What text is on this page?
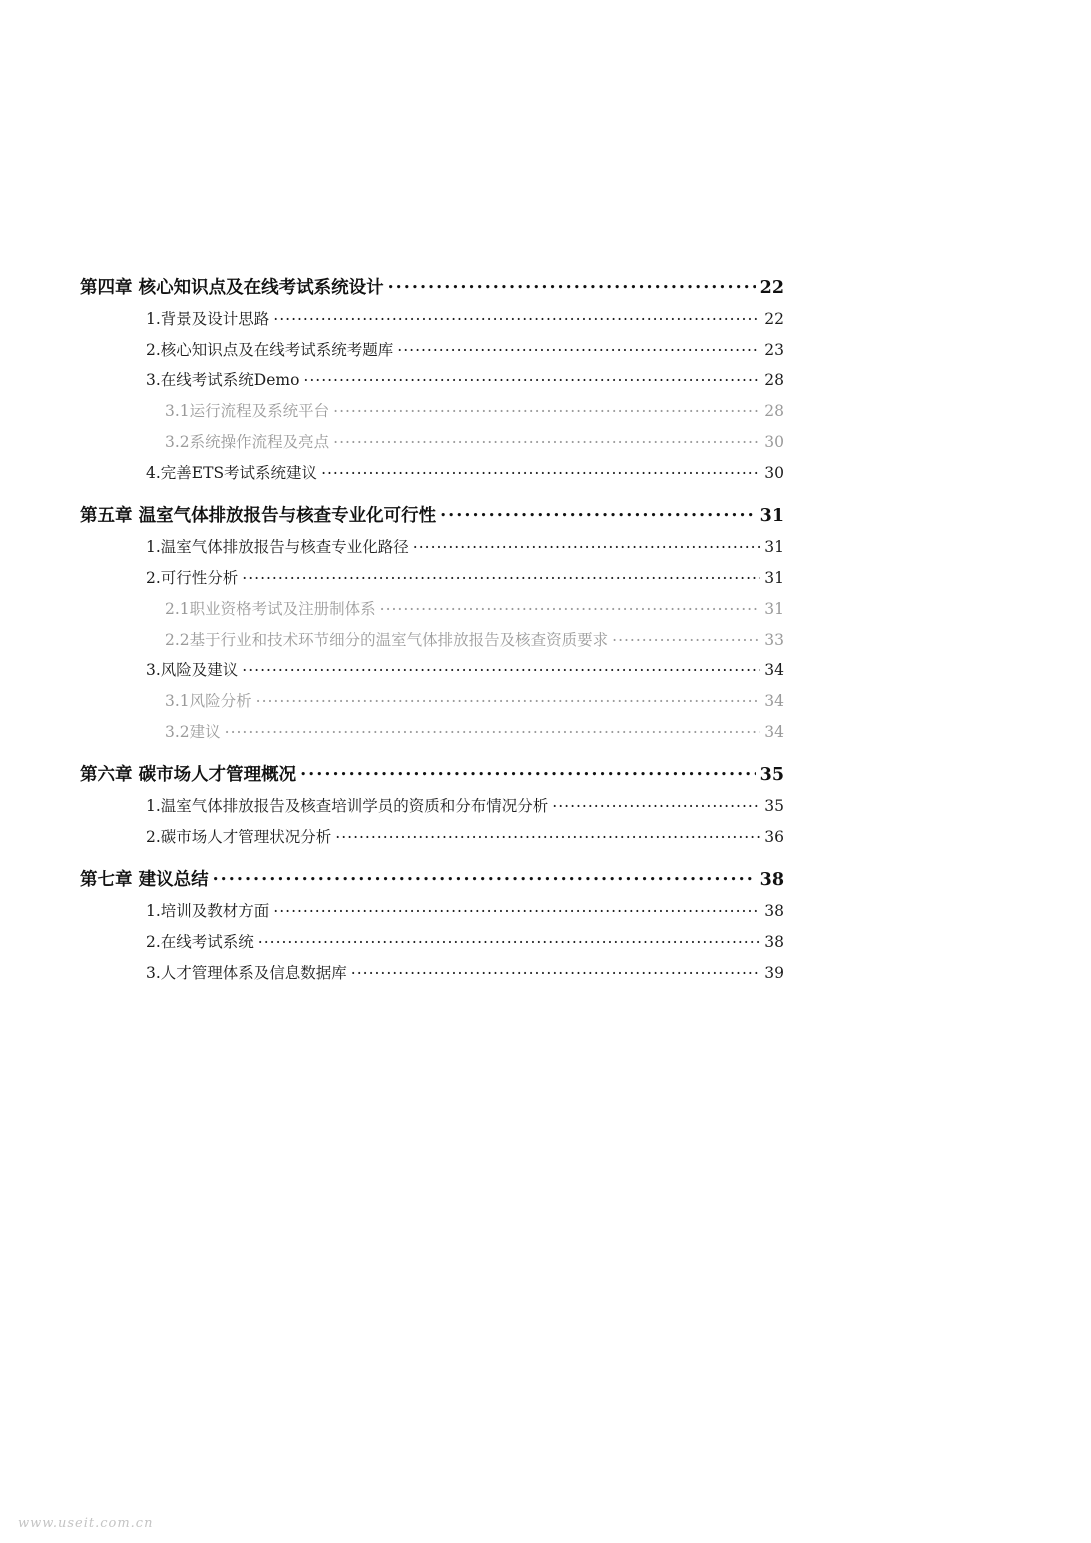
第四章 核心知识点及在线考试系统设计 .....	22
1.背景及设计思路 .....	22
2.核心知识点及在线考试系统考题库 .....	23
3.在线考试系统Demo .....	28
3.1运行流程及系统平台 .....	28
3.2系统操作流程及亮点 .....	30
4.完善ETS考试系统建议 .....	30
第五章 温室气体排放报告与核查专业化可行性 .....	31
1.温室气体排放报告与核查专业化路径 .....	31
2.可行性分析 .....	31
2.1职业资格考试及注册制体系 .....	31
2.2基于行业和技术环节细分的温室气体排放报告及核查资质要求 .....	33
3.风险及建议 .....	34
3.1风险分析 .....	34
3.2建议 .....	34
第六章 碳市场人才管理概况 .....	35
1.温室气体排放报告及核查培训学员的资质和分布情况分析 .....	35
2.碳市场人才管理状况分析 .....	36
第七章 建议总结 .....	38
1.培训及教材方面 .....	38
2.在线考试系统 .....	38
3.人才管理体系及信息数据库 .....	39
www.useit.com.cn
